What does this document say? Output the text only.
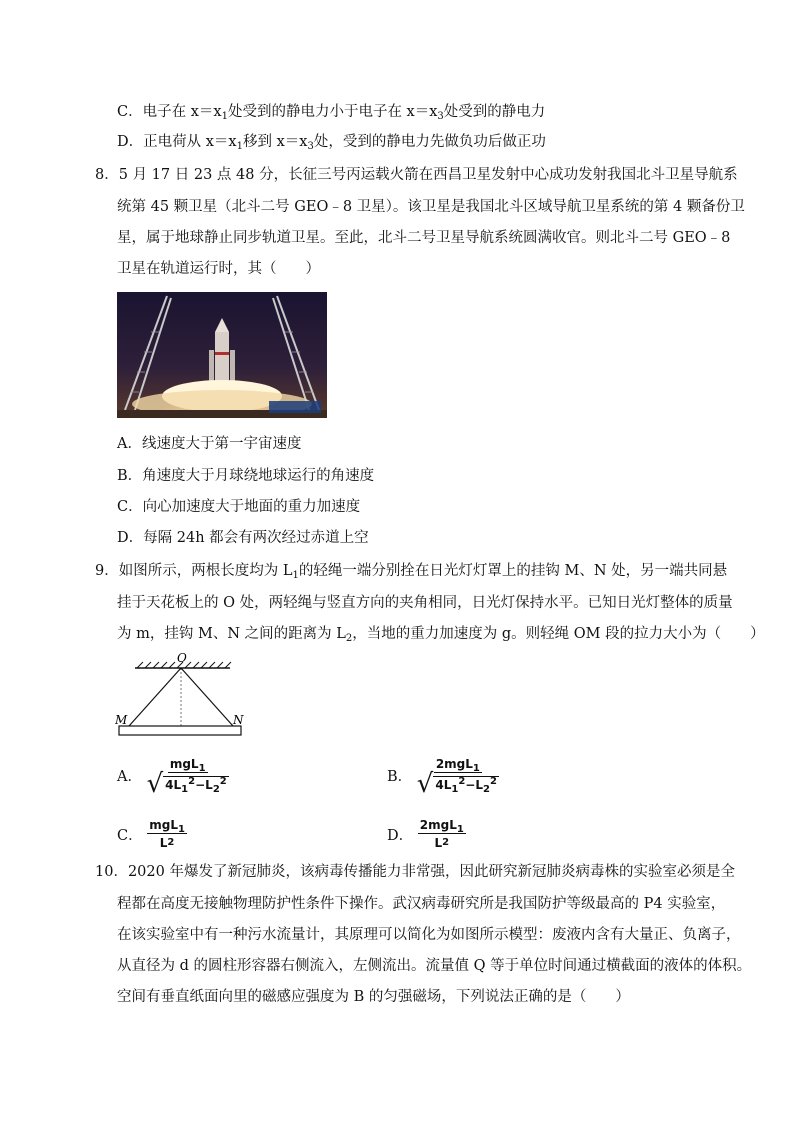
C．电子在 $x=x_1$处受到的静电力小于电子在 $x=x_3$处受到的静电力
D．正电荷从 $x=x_1$移到 $x=x_3$处，受到的静电力先做负功后做正功
8．5 月 17 日 23 点 48 分，长征三号丙运载火箭在西昌卫星发射中心成功发射我国北斗卫星导航系
统第 45 颗卫星（北斗二号 GEO﹣8 卫星）。该卫星是我国北斗区域导航卫星系统的第 4 颗备份卫
星，属于地球静止同步轨道卫星。至此，北斗二号卫星导航系统圆满收官。则北斗二号 GEO﹣8
卫星在轨道运行时，其（　　）
A．线速度大于第一宇宙速度
B．角速度大于月球绕地球运行的角速度
C．向心加速度大于地面的重力加速度
D．每隔 24h 都会有两次经过赤道上空
9．如图所示，两根长度均为 $L_1$的轻绳一端分别拴在日光灯灯罩上的挂钩 M、N 处，另一端共同悬
挂于天花板上的 O 处，两轻绳与竖直方向的夹角相同，日光灯保持水平。已知日光灯整体的质量
为 m，挂钩 M、N 之间的距离为 $L_2$，当地的重力加速度为 g。则轻绳 OM 段的拉力大小为（　　）
O
M	N
A． $\frac{mgL_1}{√ 4L_1^2-L_2^2}$	B． $\frac{2mgL_1}{√ 4L_1^2-L_2^2}$
C． $\frac{mgL_1}{L 2}$	D． $\frac{2mgL_1}{L 2}$
10．2020 年爆发了新冠肺炎，该病毒传播能力非常强，因此研究新冠肺炎病毒株的实验室必须是全
程都在高度无接触物理防护性条件下操作。武汉病毒研究所是我国防护等级最高的 P4 实验室，
在该实验室中有一种污水流量计，其原理可以简化为如图所示模型：废液内含有大量正、负离子，
从直径为 d 的圆柱形容器右侧流入，左侧流出。流量值 Q 等于单位时间通过横截面的液体的体积。
空间有垂直纸面向里的磁感应强度为 B 的匀强磁场，下列说法正确的是（　　）
